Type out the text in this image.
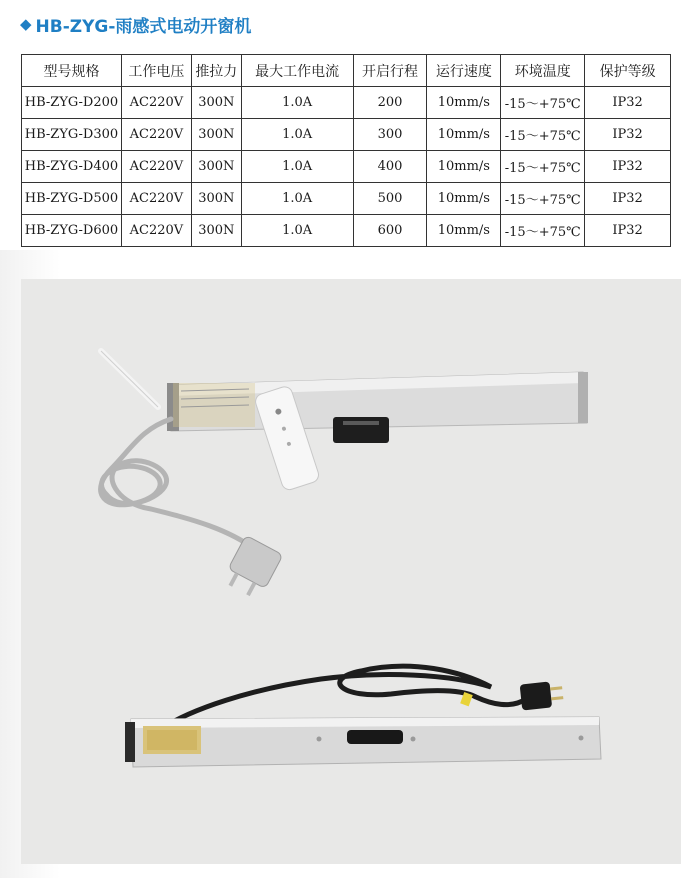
◆ HB-ZYG-雨感式电动开窗机
型号规格	工作电压	推拉力	最大工作电流	开启行程	运行速度	环境温度	保护等级
HB-ZYG-D200	AC220V	300N	1.0A	200	10mm/s	-15～+75℃	IP32
HB-ZYG-D300	AC220V	300N	1.0A	300	10mm/s	-15～+75℃	IP32
HB-ZYG-D400	AC220V	300N	1.0A	400	10mm/s	-15～+75℃	IP32
HB-ZYG-D500	AC220V	300N	1.0A	500	10mm/s	-15～+75℃	IP32
HB-ZYG-D600	AC220V	300N	1.0A	600	10mm/s	-15～+75℃	IP32
